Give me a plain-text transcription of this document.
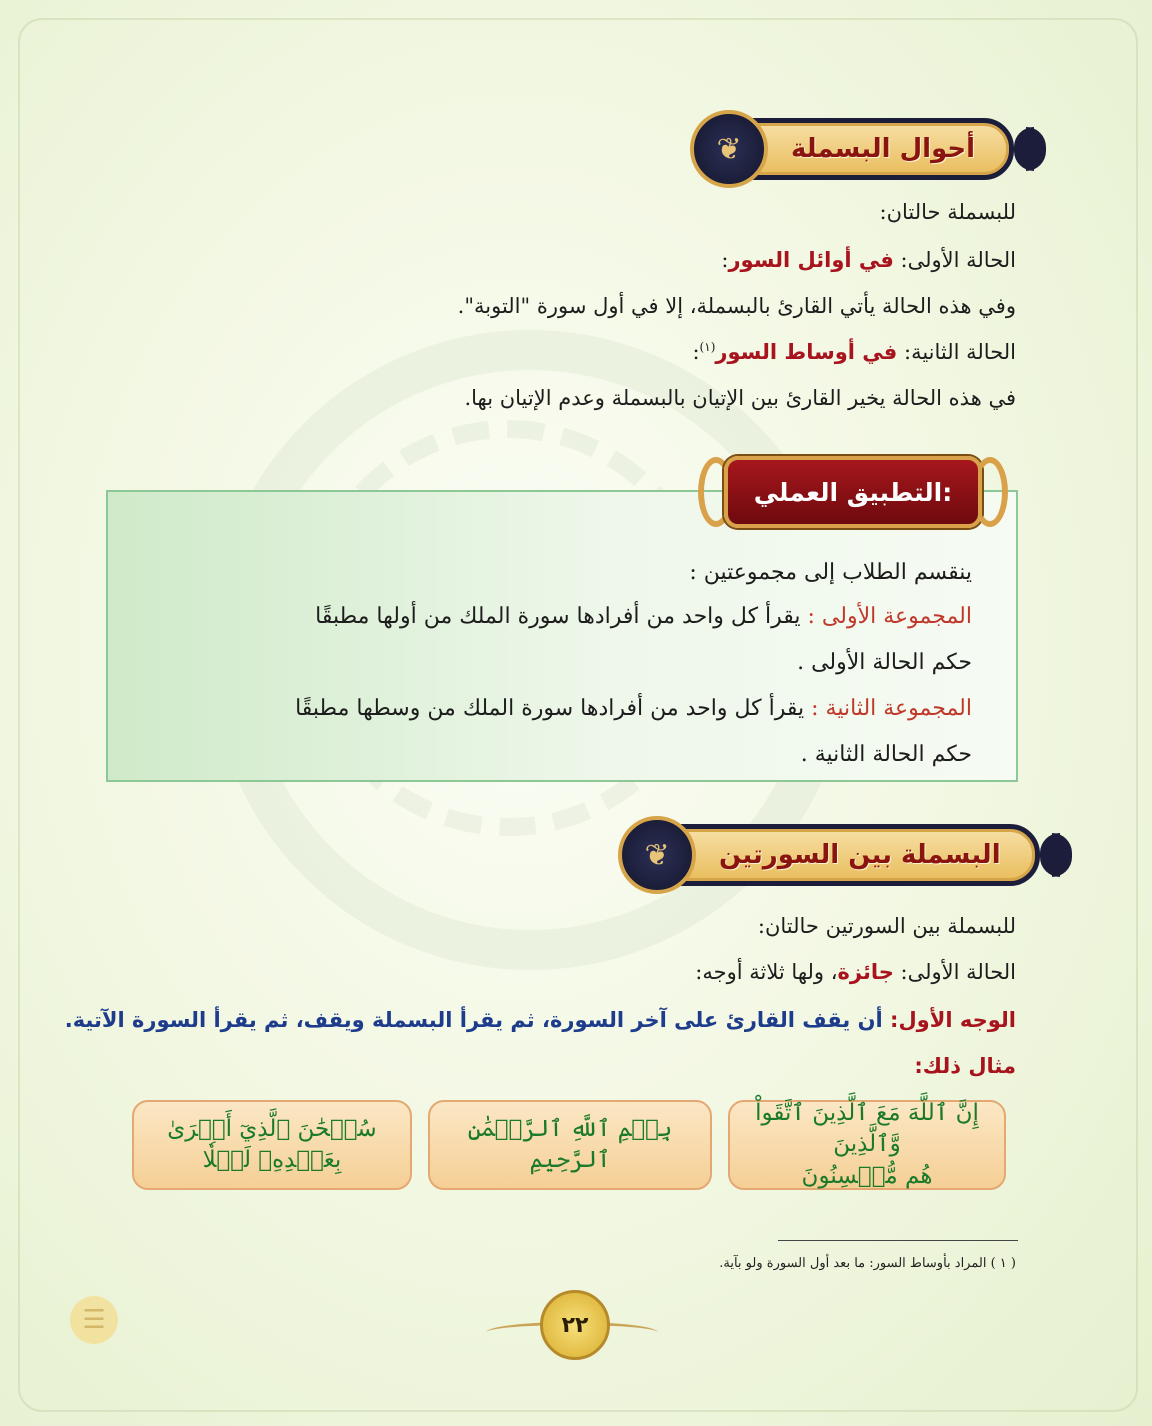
أحوال البسملة
❦
للبسملة حالتان:
الحالة الأولى: في أوائل السور:
وفي هذه الحالة يأتي القارئ بالبسملة، إلا في أول سورة "التوبة".
الحالة الثانية: في أوساط السور$^{(١)}$:
في هذه الحالة يخير القارئ بين الإتيان بالبسملة وعدم الإتيان بها.
التطبيق العملي:
ينقسم الطلاب إلى مجموعتين :
المجموعة الأولى : يقرأ كل واحد من أفرادها سورة الملك من أولها مطبقًا
حكم الحالة الأولى .
المجموعة الثانية : يقرأ كل واحد من أفرادها سورة الملك من وسطها مطبقًا
حكم الحالة الثانية .
البسملة بين السورتين
❦
للبسملة بين السورتين حالتان:
الحالة الأولى: جائزة، ولها ثلاثة أوجه:
الوجه الأول: أن يقف القارئ على آخر السورة، ثم يقرأ البسملة ويقف، ثم يقرأ السورة الآتية.
مثال ذلك:
إِنَّ ٱللَّهَ مَعَ ٱلَّذِينَ ٱتَّقَواْ وَّٱلَّذِينَ
هُم مُّحۡسِنُونَ
بِسۡمِ ٱللَّهِ ٱلرَّحۡمَٰنِ ٱلرَّحِيمِ
سُبۡحَٰنَ ٱلَّذِيٓ أَسۡرَىٰ بِعَبۡدِهِۦ لَيۡلٗا
( ١ ) المراد بأوساط السور: ما بعد أول السورة ولو بآية.
٢٢
☰
